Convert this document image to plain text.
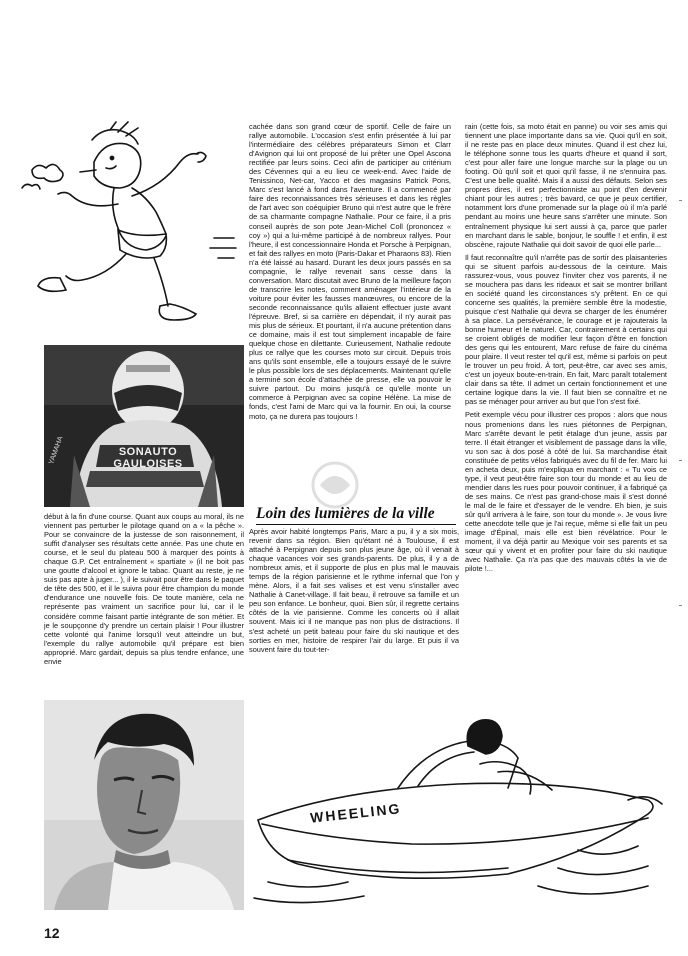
SONAUTO GAULOISES
YAMAHA

début à la fin d'une course. Quant aux coups au moral, ils ne viennent pas perturber le pilotage quand on a « la pêche ». Pour se convaincre de la justesse de son raisonnement, il suffit d'analyser ses résultats cette année. Pas une chute en course, et le seul du plateau 500 à marquer des points à chaque G.P. Cet entraînement « spartiate » (il ne boit pas une goutte d'alcool et ignore le tabac. Quant au reste, je ne suis pas apte à juger... ), il le suivait pour être dans le paquet de tête des 500, et il le suivra pour être champion du monde d'endurance une nouvelle fois. De toute manière, cela ne représente pas vraiment un sacrifice pour lui, car il le considère comme faisant partie intégrante de son métier. Et je le soupçonne d'y prendre un certain plaisir ! Pour illustrer cette volonté qui l'anime lorsqu'il veut atteindre un but, l'exemple du rallye automobile qu'il prépare est bien approprié. Marc gardait, depuis sa plus tendre enfance, une envie

cachée dans son grand cœur de sportif. Celle de faire un rallye automobile. L'occasion s'est enfin présentée à lui par l'intermédiaire des célèbres préparateurs Simon et Clarr d'Avignon qui lui ont proposé de lui prêter une Opel Ascona rectifiée par leurs soins. Ceci afin de participer au critérium des Cévennes qui a eu lieu ce week-end. Avec l'aide de Tenissinco, Net-car, Yacco et des magasins Patrick Pons, Marc s'est lancé à fond dans l'aventure. Il a commencé par faire des reconnaissances très sérieuses et dans les règles de l'art avec son coéquipier Bruno qui n'est autre que le frère de sa charmante compagne Nathalie. Pour ce faire, il a pris conseil auprès de son pote Jean-Michel Coll (prononcez « coy ») qui a lui-même participé à de nombreux rallyes. Pour l'heure, il est concessionnaire Honda et Porsche à Perpignan, et fait des rallyes en moto (Paris-Dakar et Pharaons 83). Rien n'a été laissé au hasard. Durant les deux jours passés en sa compagnie, le rallye revenait sans cesse dans la conversation. Marc discutait avec Bruno de la meilleure façon de transcrire les notes, comment aménager l'intérieur de la voiture pour éviter les fausses manœuvres, ou encore de la seconde reconnaissance qu'ils allaient effectuer juste avant l'épreuve. Bref, si sa carrière en dépendait, il n'y aurait pas mis plus de sérieux. Et pourtant, il n'a aucune prétention dans ce domaine, mais il est tout simplement incapable de faire quelque chose en dilettante. Curieusement, Nathalie redoute plus ce rallye que les courses moto sur circuit. Depuis trois ans qu'ils sont ensemble, elle a toujours essayé de le suivre le plus possible lors de ses déplacements. Maintenant qu'elle a terminé son école d'attachée de presse, elle va pouvoir le suivre partout. Du moins jusqu'à ce qu'elle monte un commerce à Perpignan avec sa copine Hélène. La mise de fonds, c'est l'ami de Marc qui va la fournir. En oui, la course moto, ça ne durera pas toujours !

Loin des lumières de la ville

Après avoir habité longtemps Paris, Marc a pu, il y a six mois, revenir dans sa région. Bien qu'étant né à Toulouse, il est attaché à Perpignan depuis son plus jeune âge, où il venait à chaque vacances voir ses grands-parents. De plus, il y a de nombreux amis, et il supporte de plus en plus mal le mauvais temps de la région parisienne et le rythme infernal que l'on y mène. Alors, il a fait ses valises et est venu s'installer avec Nathalie à Canet-village. Il fait beau, il retrouve sa famille et un peu son enfance. Le bonheur, quoi. Bien sûr, il regrette certains côtés de la vie parisienne. Comme les concerts où il allait souvent. Mais ici il ne manque pas non plus de distractions. Il s'est acheté un petit bateau pour faire du ski nautique et des sorties en mer, histoire de respirer l'air du large. Et puis il va souvent faire du tout-ter-

rain (cette fois, sa moto était en panne) ou voir ses amis qui tiennent une place importante dans sa vie. Quoi qu'il en soit, il ne reste pas en place deux minutes. Quand il est chez lui, le téléphone sonne tous les quarts d'heure et quand il sort, c'est pour aller faire une longue marche sur la plage ou un footing. Où qu'il soit et quoi qu'il fasse, il ne s'ennuira pas. C'est une belle qualité. Mais il a aussi des défauts. Selon ses propres dires, il est perfectionniste au point d'en devenir chiant pour les autres ; très bavard, ce que je peux certifier, notamment lors d'une promenade sur la plage où il m'a parlé pendant au moins une heure sans s'arrêter une minute. Son entraînement physique lui sert aussi à ça, parce que parler en marchant dans le sable, bonjour, le souffle ! et enfin, il est obscène, rajoute Nathalie qui doit savoir de quoi elle parle...

Il faut reconnaître qu'il n'arrête pas de sortir des plaisanteries qui se situent parfois au-dessous de la ceinture. Mais rassurez-vous, vous pouvez l'inviter chez vos parents, il ne se mouchera pas dans les rideaux et sait se montrer brillant en société quand les circonstances s'y prêtent. En ce qui concerne ses qualités, la première semble être la modestie, puisque c'est Nathalie qui devra se charger de les énumérer à sa place. La persévérance, le courage et je rajouterais la bonne humeur et le naturel. Car, contrairement à certains qui se croient obligés de modifier leur façon d'être en fonction des gens qui les entourent, Marc refuse de faire du cinéma pour plaire. Il veut rester tel qu'il est, même si parfois on peut le trouver un peu froid. À tort, peut-être, car avec ses amis, c'est un joyeux boute-en-train. En fait, Marc paraît totalement clair dans sa tête. Il admet un certain fonctionnement et une certaine logique dans la vie. Il faut bien se connaître et ne pas se ménager pour arriver au but que l'on s'est fixé.

Petit exemple vécu pour illustrer ces propos : alors que nous nous promenions dans les rues piétonnes de Perpignan, Marc s'arrête devant le petit étalage d'un jeune, assis par terre. Il était étranger et visiblement de passage dans la ville, vu son sac à dos posé à côté de lui. Sa marchandise était constituée de petits vélos fabriqués avec du fil de fer. Marc lui en acheta deux, puis m'expliqua en marchant : « Tu vois ce type, il veut peut-être faire son tour du monde et au lieu de mendier dans les rues pour pouvoir continuer, il a fabriqué ça de ses mains. Ce n'est pas grand-chose mais il s'est donné le mal de le faire et d'essayer de le vendre. Eh bien, je suis sûr qu'il arrivera à le faire, son tour du monde ». Je vous livre cette anecdote telle que je l'ai reçue, même si elle fait un peu image d'Épinal, mais elle est bien révélatrice. Pour le moment, il va déjà partir au Mexique voir ses parents et sa sœur qui y vivent et en profiter pour faire du ski nautique avec Nathalie. Ça n'a pas que des mauvais côtés la vie de pilote !...

WHEELING
12
